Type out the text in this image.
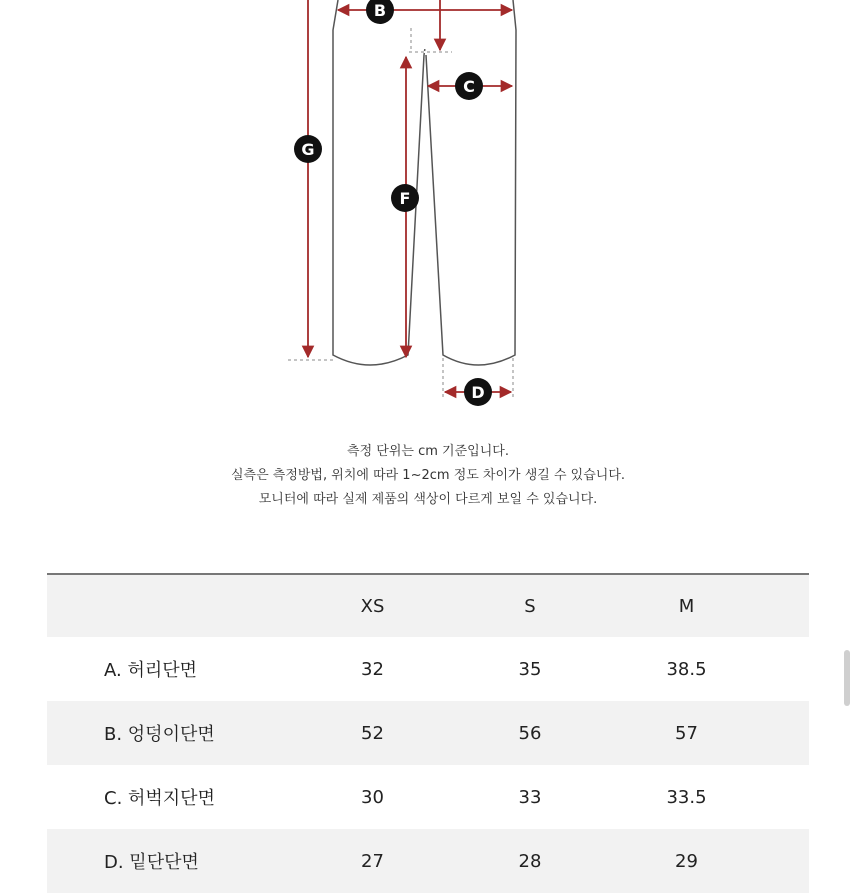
B
C
G
F
D
측정 단위는 cm 기준입니다.
실측은 측정방법, 위치에 따라 1~2cm 정도 차이가 생길 수 있습니다.
모니터에 따라 실제 제품의 색상이 다르게 보일 수 있습니다.
	XS	S	M	
A. 허리단면	32	35	38.5	
B. 엉덩이단면	52	56	57	
C. 허벅지단면	30	33	33.5	
D. 밑단단면	27	28	29	
